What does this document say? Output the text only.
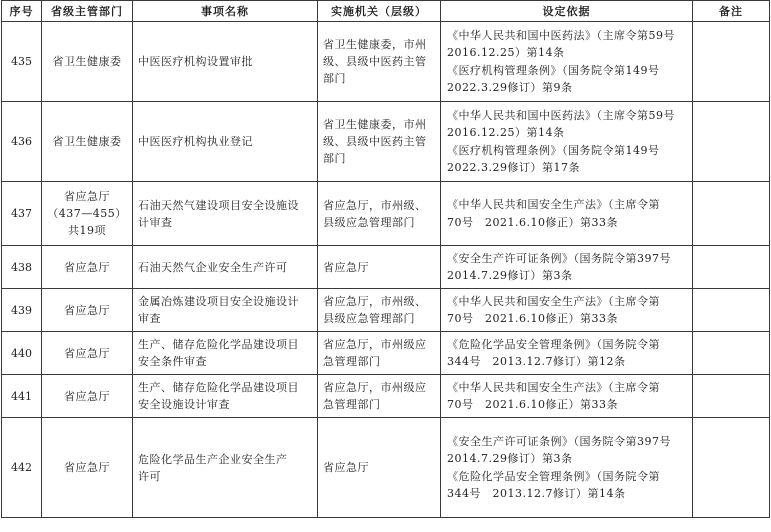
序号	省级主管部门	事项名称	实施机关（层级）	设定依据	备注
435	省卫生健康委	中医医疗机构设置审批	省卫生健康委，市州
级、县级中医药主管
部门	《中华人民共和国中医药法》（主席令第59号
2016.12.25）第14条
《医疗机构管理条例》（国务院令第149号
2022.3.29修订）第9条	

436	省卫生健康委	中医医疗机构执业登记	省卫生健康委，市州
级、县级中医药主管
部门	《中华人民共和国中医药法》（主席令第59号
2016.12.25）第14条
《医疗机构管理条例》（国务院令第149号
2022.3.29修订）第17条	

437	省应急厅
（437—455）
共19项	石油天然气建设项目安全设施设
计审查	省应急厅，市州级、
县级应急管理部门	《中华人民共和国安全生产法》（主席令第
70号　2021.6.10修正）第33条	

438	省应急厅	石油天然气企业安全生产许可	省应急厅	《安全生产许可证条例》（国务院令第397号
2014.7.29修订）第3条	

439	省应急厅	金属冶炼建设项目安全设施设计
审查	省应急厅，市州级、
县级应急管理部门	《中华人民共和国安全生产法》（主席令第
70号　2021.6.10修正）第33条	

440	省应急厅	生产、储存危险化学品建设项目
安全条件审查	省应急厅，市州级应
急管理部门	《危险化学品安全管理条例》（国务院令第
344号　2013.12.7修订）第12条	

441	省应急厅	生产、储存危险化学品建设项目
安全设施设计审查	省应急厅，市州级应
急管理部门	《中华人民共和国安全生产法》（主席令第
70号　2021.6.10修正）第33条	

442	省应急厅	危险化学品生产企业安全生产
许可	省应急厅	《安全生产许可证条例》（国务院令第397号
2014.7.29修订）第3条
《危险化学品安全管理条例》（国务院令第
344号　2013.12.7修订）第14条	
